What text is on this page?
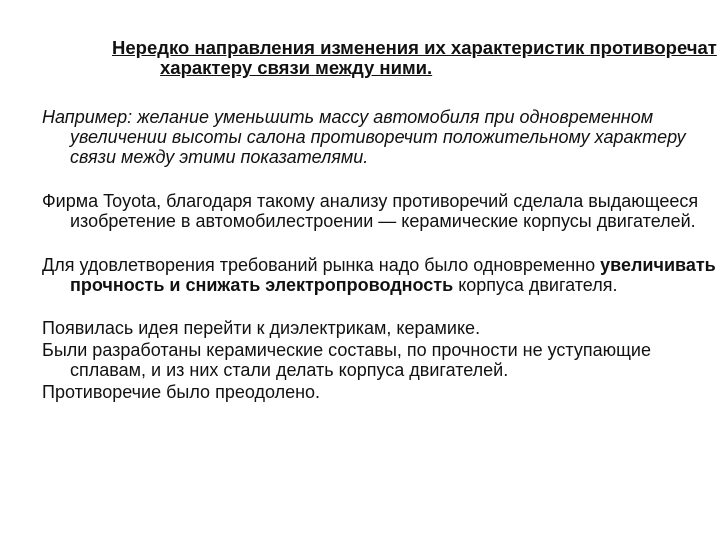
Нередко направления изменения их характеристик противоречат характеру связи между ними.

Например: желание уменьшить массу автомобиля при одновременном увеличении высоты салона противоречит положительному характеру связи между этими показателями.

Фирма Toyota, благодаря такому анализу противоречий сделала выдающееся изобретение в автомобилестроении — керамические корпусы двигателей.

Для удовлетворения требований рынка надо было одновременно увеличивать прочность и снижать электропроводность корпуса двигателя.

Появилась идея перейти к диэлектрикам, керамике.

Были разработаны керамические составы, по прочности не уступающие сплавам, и из них стали делать корпуса двигателей.

Противоречие было преодолено.
